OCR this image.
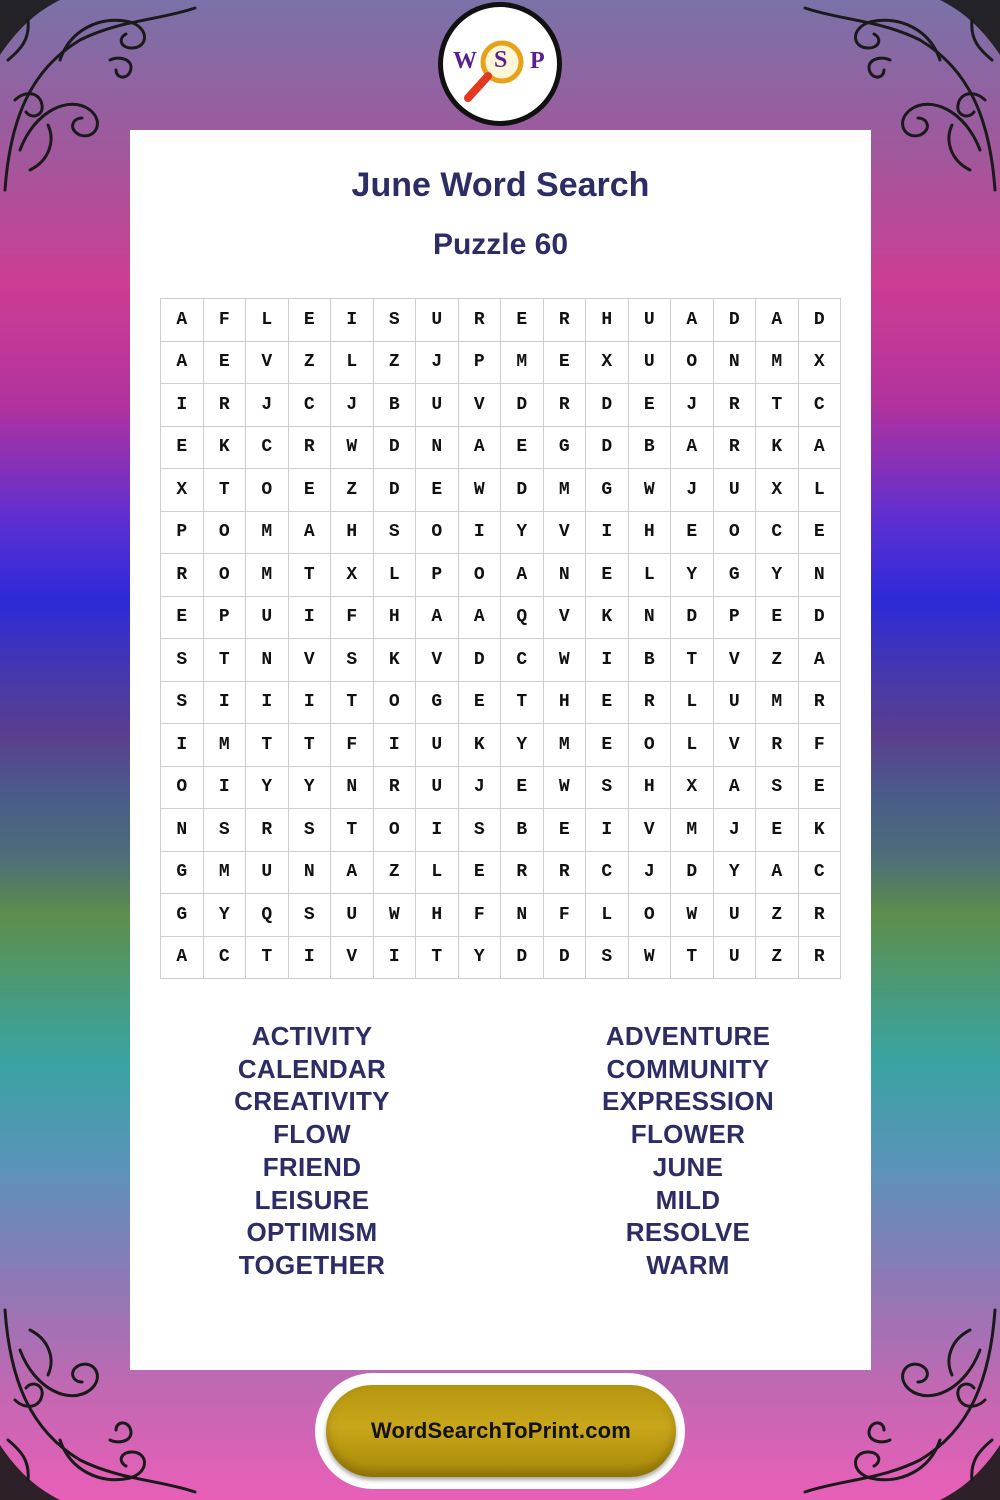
June Word Search
Puzzle 60
A	F	L	E	I	S	U	R	E	R	H	U	A	D	A	D
A	E	V	Z	L	Z	J	P	M	E	X	U	O	N	M	X
I	R	J	C	J	B	U	V	D	R	D	E	J	R	T	C
E	K	C	R	W	D	N	A	E	G	D	B	A	R	K	A
X	T	O	E	Z	D	E	W	D	M	G	W	J	U	X	L
P	O	M	A	H	S	O	I	Y	V	I	H	E	O	C	E
R	O	M	T	X	L	P	O	A	N	E	L	Y	G	Y	N
E	P	U	I	F	H	A	A	Q	V	K	N	D	P	E	D
S	T	N	V	S	K	V	D	C	W	I	B	T	V	Z	A
S	I	I	I	T	O	G	E	T	H	E	R	L	U	M	R
I	M	T	T	F	I	U	K	Y	M	E	O	L	V	R	F
O	I	Y	Y	N	R	U	J	E	W	S	H	X	A	S	E
N	S	R	S	T	O	I	S	B	E	I	V	M	J	E	K
G	M	U	N	A	Z	L	E	R	R	C	J	D	Y	A	C
G	Y	Q	S	U	W	H	F	N	F	L	O	W	U	Z	R
A	C	T	I	V	I	T	Y	D	D	S	W	T	U	Z	R
ACTIVITY
CALENDAR
CREATIVITY
FLOW
FRIEND
LEISURE
OPTIMISM
TOGETHER
ADVENTURE
COMMUNITY
EXPRESSION
FLOWER
JUNE
MILD
RESOLVE
WARM
W S P
WordSearchToPrint.com
